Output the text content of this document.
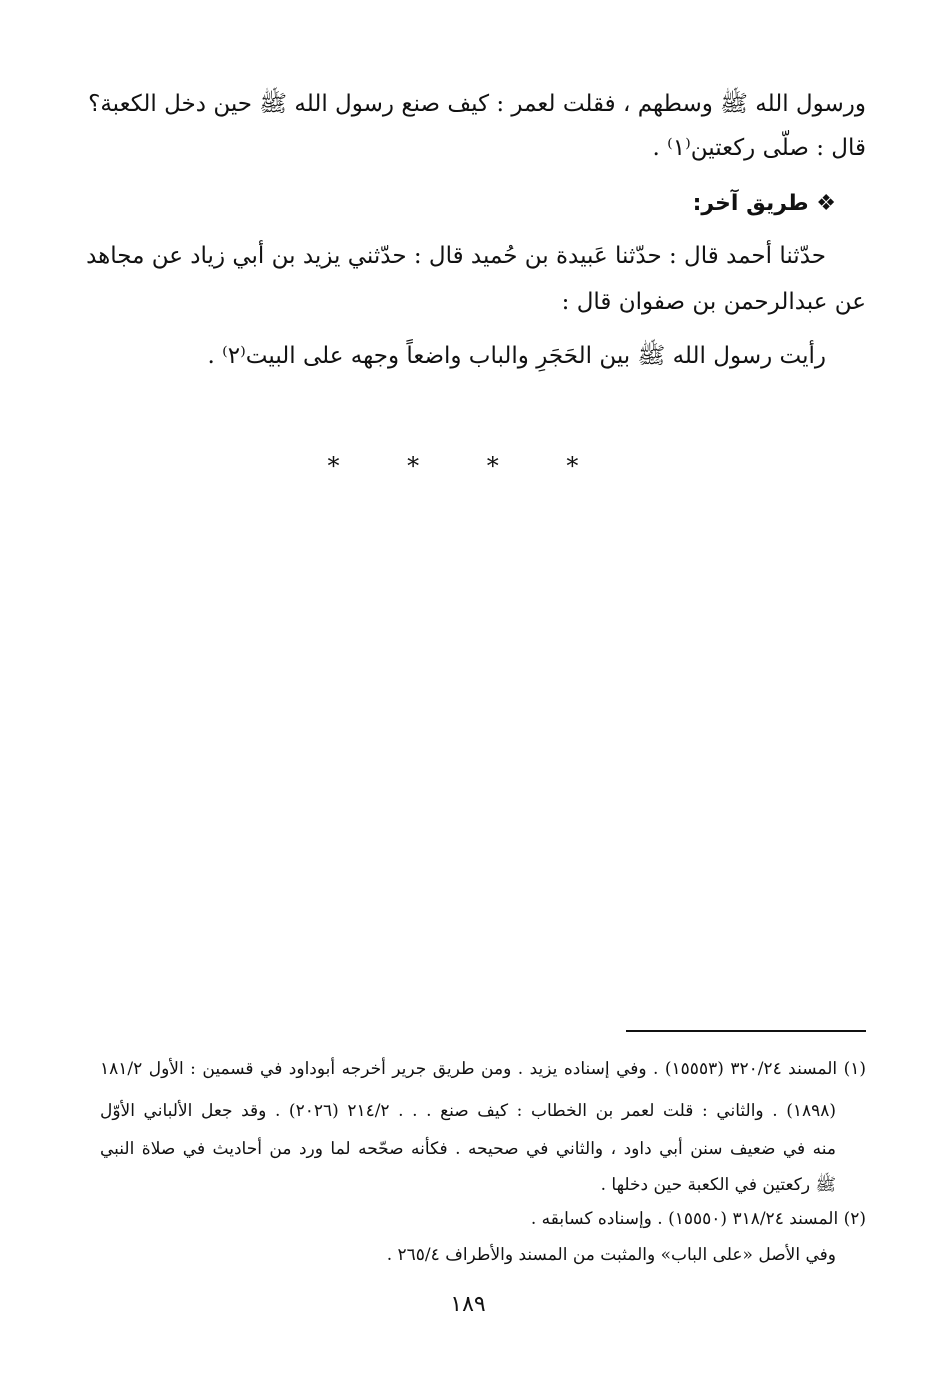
ورسول الله ﷺ وسطهم ، فقلت لعمر : كيف صنع رسول الله ﷺ حين دخل الكعبة؟
قال : صلّى ركعتين⁽١⁾ .
❖ طريق آخر:
حدّثنا أحمد قال : حدّثنا عَبيدة بن حُميد قال : حدّثني يزيد بن أبي زياد عن مجاهد
عن عبدالرحمن بن صفوان قال :
رأيت رسول الله ﷺ بين الحَجَرِ والباب واضعاً وجهه على البيت⁽٢⁾ .
* * * *
(١) المسند ٣٢٠/٢٤ (١٥٥٥٣) . وفي إسناده يزيد . ومن طريق جرير أخرجه أبوداود في قسمين : الأول ١٨١/٢
(١٨٩٨) . والثاني : قلت لعمر بن الخطاب : كيف صنع . . . ٢١٤/٢ (٢٠٢٦) . وقد جعل الألباني الأوّل
منه في ضعيف سنن أبي داود ، والثاني في صحيحه . فكأنه صحّحه لما ورد من أحاديث في صلاة النبي
ﷺ ركعتين في الكعبة حين دخلها .
(٢) المسند ٣١٨/٢٤ (١٥٥٥٠) . وإسناده كسابقه .
وفي الأصل «على الباب» والمثبت من المسند والأطراف ٢٦٥/٤ .
١٨٩
